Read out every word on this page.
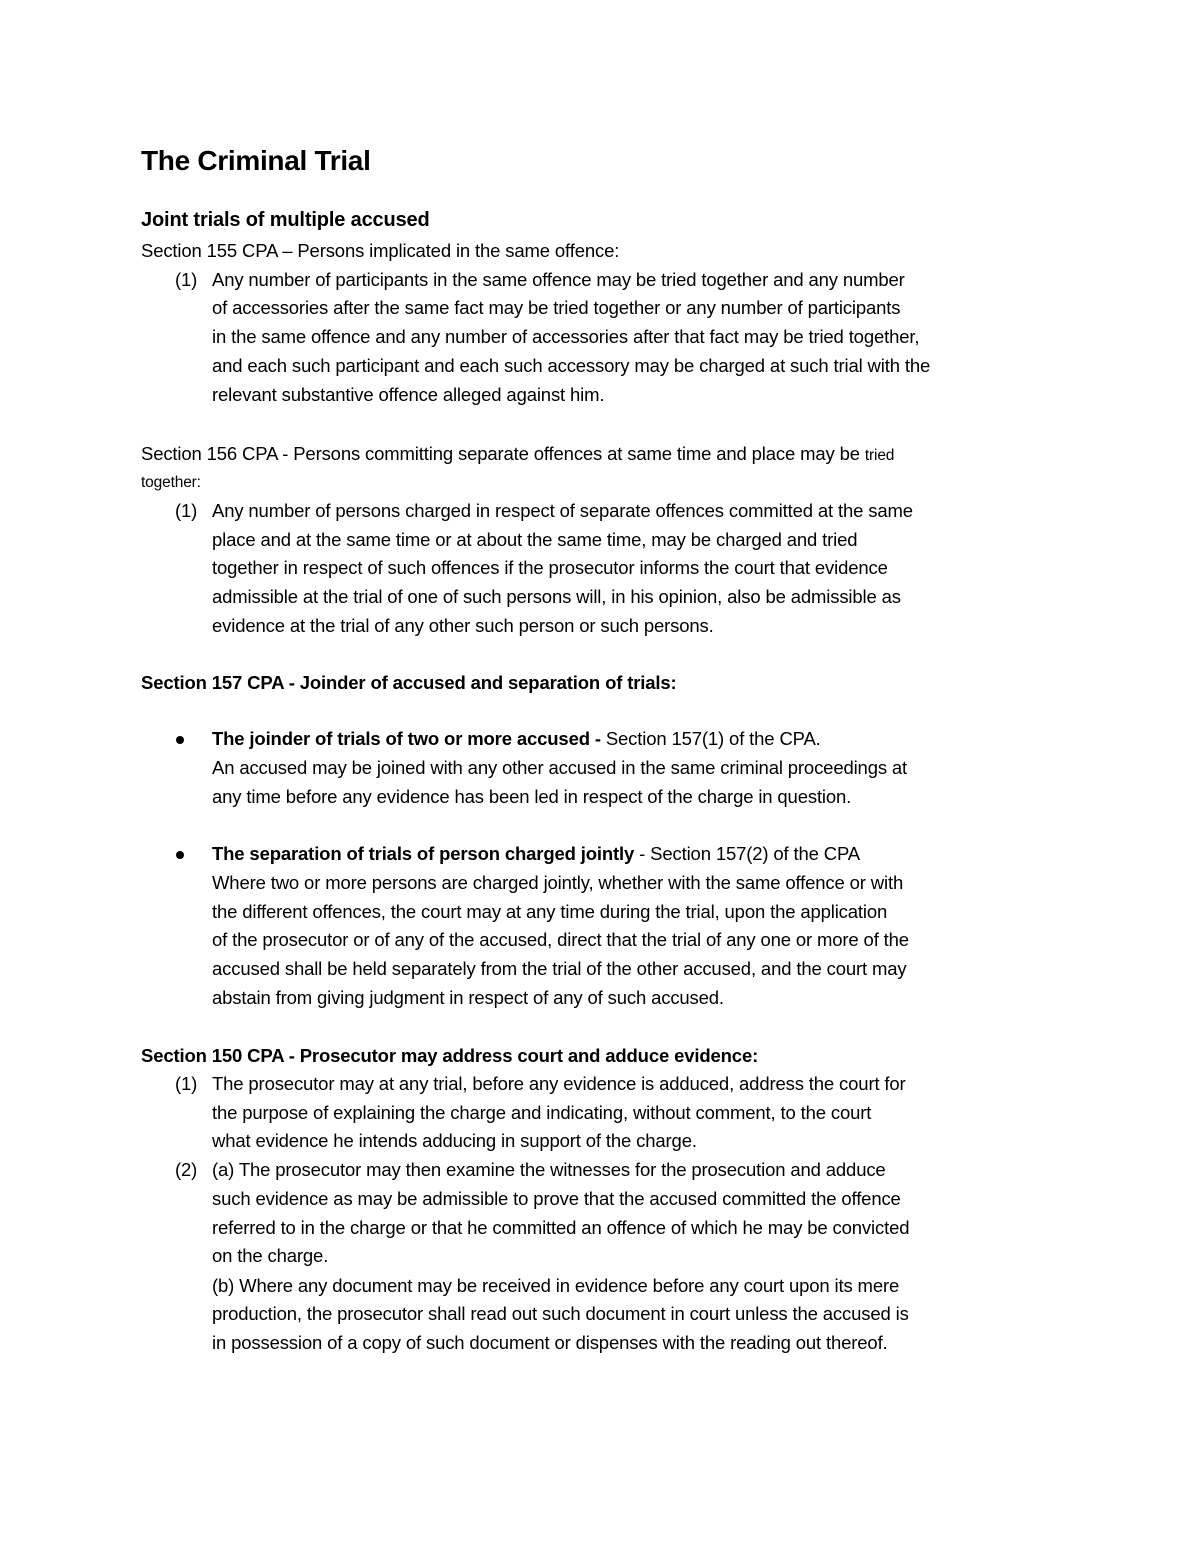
The Criminal Trial
Joint trials of multiple accused
Section 155 CPA – Persons implicated in the same offence:
(1) Any number of participants in the same offence may be tried together and any number
of accessories after the same fact may be tried together or any number of participants
in the same offence and any number of accessories after that fact may be tried together,
and each such participant and each such accessory may be charged at such trial with the
relevant substantive offence alleged against him.
Section 156 CPA - Persons committing separate offences at same time and place may be tried
together:
(1) Any number of persons charged in respect of separate offences committed at the same
place and at the same time or at about the same time, may be charged and tried
together in respect of such offences if the prosecutor informs the court that evidence
admissible at the trial of one of such persons will, in his opinion, also be admissible as
evidence at the trial of any other such person or such persons.
Section 157 CPA - Joinder of accused and separation of trials:
The joinder of trials of two or more accused - Section 157(1) of the CPA.
An accused may be joined with any other accused in the same criminal proceedings at
any time before any evidence has been led in respect of the charge in question.
The separation of trials of person charged jointly - Section 157(2) of the CPA
Where two or more persons are charged jointly, whether with the same offence or with
the different offences, the court may at any time during the trial, upon the application
of the prosecutor or of any of the accused, direct that the trial of any one or more of the
accused shall be held separately from the trial of the other accused, and the court may
abstain from giving judgment in respect of any of such accused.
Section 150 CPA - Prosecutor may address court and adduce evidence:
(1) The prosecutor may at any trial, before any evidence is adduced, address the court for
the purpose of explaining the charge and indicating, without comment, to the court
what evidence he intends adducing in support of the charge.
(2) (a) The prosecutor may then examine the witnesses for the prosecution and adduce
such evidence as may be admissible to prove that the accused committed the offence
referred to in the charge or that he committed an offence of which he may be convicted
on the charge.
(b) Where any document may be received in evidence before any court upon its mere
production, the prosecutor shall read out such document in court unless the accused is
in possession of a copy of such document or dispenses with the reading out thereof.
